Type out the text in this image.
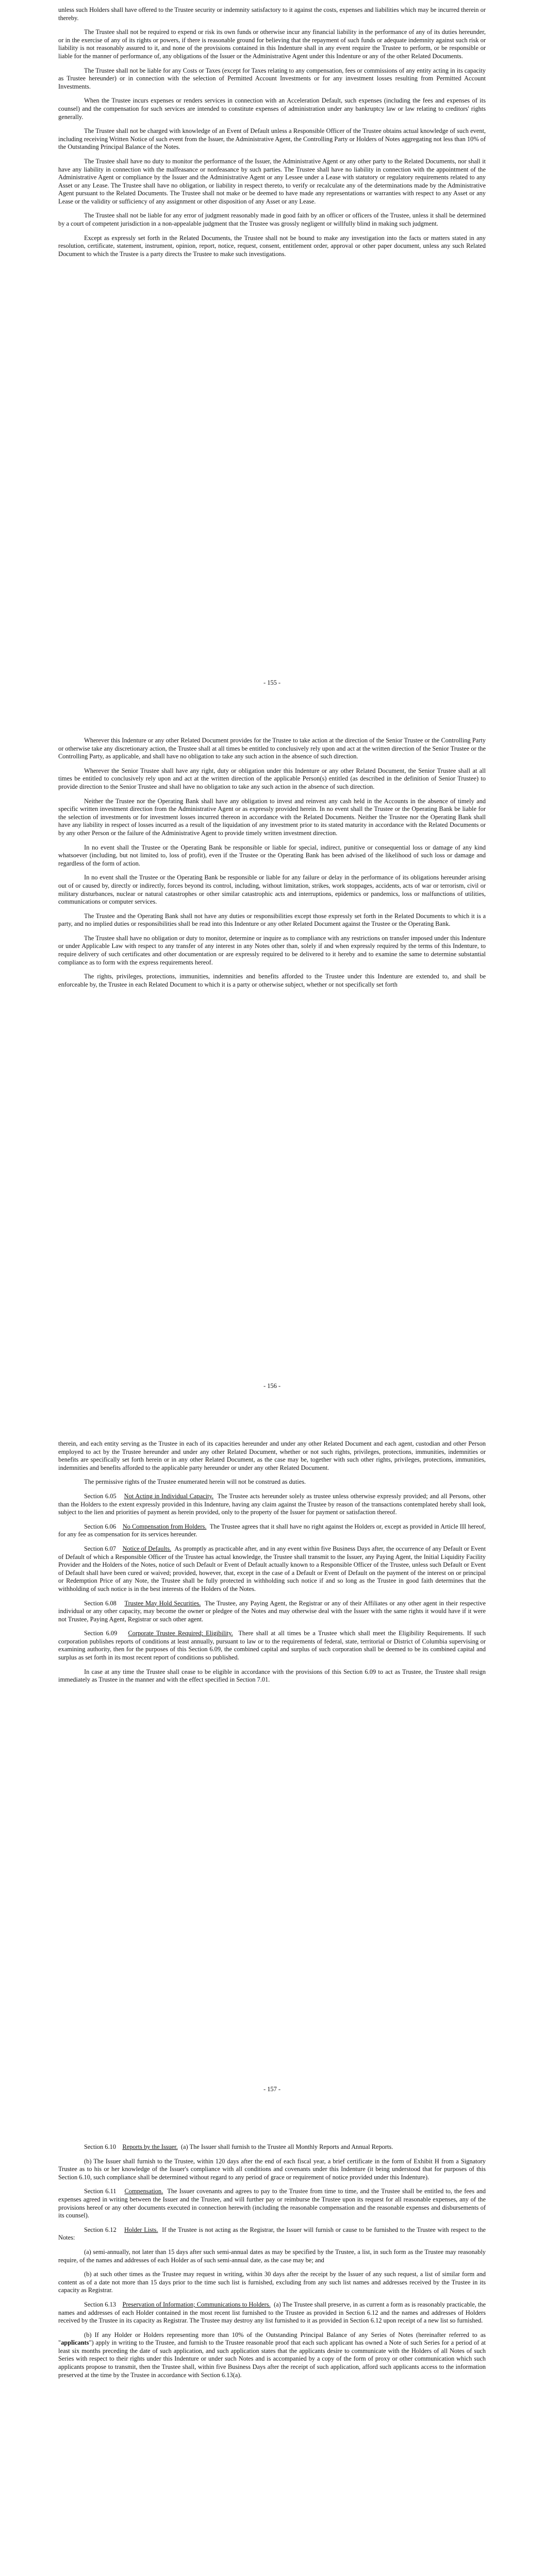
unless such Holders shall have offered to the Trustee security or indemnity satisfactory to it against the costs, expenses and liabilities which may be incurred therein or thereby.

The Trustee shall not be required to expend or risk its own funds or otherwise incur any financial liability in the performance of any of its duties hereunder, or in the exercise of any of its rights or powers, if there is reasonable ground for believing that the repayment of such funds or adequate indemnity against such risk or liability is not reasonably assured to it, and none of the provisions contained in this Indenture shall in any event require the Trustee to perform, or be responsible or liable for the manner of performance of, any obligations of the Issuer or the Administrative Agent under this Indenture or any of the other Related Documents.

The Trustee shall not be liable for any Costs or Taxes (except for Taxes relating to any compensation, fees or commissions of any entity acting in its capacity as Trustee hereunder) or in connection with the selection of Permitted Account Investments or for any investment losses resulting from Permitted Account Investments.

When the Trustee incurs expenses or renders services in connection with an Acceleration Default, such expenses (including the fees and expenses of its counsel) and the compensation for such services are intended to constitute expenses of administration under any bankruptcy law or law relating to creditors' rights generally.

The Trustee shall not be charged with knowledge of an Event of Default unless a Responsible Officer of the Trustee obtains actual knowledge of such event, including receiving Written Notice of such event from the Issuer, the Administrative Agent, the Controlling Party or Holders of Notes aggregating not less than 10% of the Outstanding Principal Balance of the Notes.

The Trustee shall have no duty to monitor the performance of the Issuer, the Administrative Agent or any other party to the Related Documents, nor shall it have any liability in connection with the malfeasance or nonfeasance by such parties. The Trustee shall have no liability in connection with the appointment of the Administrative Agent or compliance by the Issuer and the Administrative Agent or any Lessee under a Lease with statutory or regulatory requirements related to any Asset or any Lease. The Trustee shall have no obligation, or liability in respect thereto, to verify or recalculate any of the determinations made by the Administrative Agent pursuant to the Related Documents. The Trustee shall not make or be deemed to have made any representations or warranties with respect to any Asset or any Lease or the validity or sufficiency of any assignment or other disposition of any Asset or any Lease.

The Trustee shall not be liable for any error of judgment reasonably made in good faith by an officer or officers of the Trustee, unless it shall be determined by a court of competent jurisdiction in a non-appealable judgment that the Trustee was grossly negligent or willfully blind in making such judgment.

Except as expressly set forth in the Related Documents, the Trustee shall not be bound to make any investigation into the facts or matters stated in any resolution, certificate, statement, instrument, opinion, report, notice, request, consent, entitlement order, approval or other paper document, unless any such Related Document to which the Trustee is a party directs the Trustee to make such investigations.

- 155 -

Wherever this Indenture or any other Related Document provides for the Trustee to take action at the direction of the Senior Trustee or the Controlling Party or otherwise take any discretionary action, the Trustee shall at all times be entitled to conclusively rely upon and act at the written direction of the Senior Trustee or the Controlling Party, as applicable, and shall have no obligation to take any such action in the absence of such direction.

Wherever the Senior Trustee shall have any right, duty or obligation under this Indenture or any other Related Document, the Senior Trustee shall at all times be entitled to conclusively rely upon and act at the written direction of the applicable Person(s) entitled (as described in the definition of Senior Trustee) to provide direction to the Senior Trustee and shall have no obligation to take any such action in the absence of such direction.

Neither the Trustee nor the Operating Bank shall have any obligation to invest and reinvest any cash held in the Accounts in the absence of timely and specific written investment direction from the Administrative Agent or as expressly provided herein. In no event shall the Trustee or the Operating Bank be liable for the selection of investments or for investment losses incurred thereon in accordance with the Related Documents. Neither the Trustee nor the Operating Bank shall have any liability in respect of losses incurred as a result of the liquidation of any investment prior to its stated maturity in accordance with the Related Documents or by any other Person or the failure of the Administrative Agent to provide timely written investment direction.

In no event shall the Trustee or the Operating Bank be responsible or liable for special, indirect, punitive or consequential loss or damage of any kind whatsoever (including, but not limited to, loss of profit), even if the Trustee or the Operating Bank has been advised of the likelihood of such loss or damage and regardless of the form of action.

In no event shall the Trustee or the Operating Bank be responsible or liable for any failure or delay in the performance of its obligations hereunder arising out of or caused by, directly or indirectly, forces beyond its control, including, without limitation, strikes, work stoppages, accidents, acts of war or terrorism, civil or military disturbances, nuclear or natural catastrophes or other similar catastrophic acts and interruptions, epidemics or pandemics, loss or malfunctions of utilities, communications or computer services.

The Trustee and the Operating Bank shall not have any duties or responsibilities except those expressly set forth in the Related Documents to which it is a party, and no implied duties or responsibilities shall be read into this Indenture or any other Related Document against the Trustee or the Operating Bank.

The Trustee shall have no obligation or duty to monitor, determine or inquire as to compliance with any restrictions on transfer imposed under this Indenture or under Applicable Law with respect to any transfer of any interest in any Notes other than, solely if and when expressly required by the terms of this Indenture, to require delivery of such certificates and other documentation or are expressly required to be delivered to it hereby and to examine the same to determine substantial compliance as to form with the express requirements hereof.

The rights, privileges, protections, immunities, indemnities and benefits afforded to the Trustee under this Indenture are extended to, and shall be enforceable by, the Trustee in each Related Document to which it is a party or otherwise subject, whether or not specifically set forth

- 156 -

therein, and each entity serving as the Trustee in each of its capacities hereunder and under any other Related Document and each agent, custodian and other Person employed to act by the Trustee hereunder and under any other Related Document, whether or not such rights, privileges, protections, immunities, indemnities or benefits are specifically set forth herein or in any other Related Document, as the case may be, together with such other rights, privileges, protections, immunities, indemnities and benefits afforded to the applicable party hereunder or under any other Related Document.

The permissive rights of the Trustee enumerated herein will not be construed as duties.

Section 6.05 Not Acting in Individual Capacity. The Trustee acts hereunder solely as trustee unless otherwise expressly provided; and all Persons, other than the Holders to the extent expressly provided in this Indenture, having any claim against the Trustee by reason of the transactions contemplated hereby shall look, subject to the lien and priorities of payment as herein provided, only to the property of the Issuer for payment or satisfaction thereof.

Section 6.06 No Compensation from Holders. The Trustee agrees that it shall have no right against the Holders or, except as provided in Article III hereof, for any fee as compensation for its services hereunder.

Section 6.07 Notice of Defaults. As promptly as practicable after, and in any event within five Business Days after, the occurrence of any Default or Event of Default of which a Responsible Officer of the Trustee has actual knowledge, the Trustee shall transmit to the Issuer, any Paying Agent, the Initial Liquidity Facility Provider and the Holders of the Notes, notice of such Default or Event of Default actually known to a Responsible Officer of the Trustee, unless such Default or Event of Default shall have been cured or waived; provided, however, that, except in the case of a Default or Event of Default on the payment of the interest on or principal or Redemption Price of any Note, the Trustee shall be fully protected in withholding such notice if and so long as the Trustee in good faith determines that the withholding of such notice is in the best interests of the Holders of the Notes.

Section 6.08 Trustee May Hold Securities. The Trustee, any Paying Agent, the Registrar or any of their Affiliates or any other agent in their respective individual or any other capacity, may become the owner or pledgee of the Notes and may otherwise deal with the Issuer with the same rights it would have if it were not Trustee, Paying Agent, Registrar or such other agent.

Section 6.09 Corporate Trustee Required; Eligibility. There shall at all times be a Trustee which shall meet the Eligibility Requirements. If such corporation publishes reports of conditions at least annually, pursuant to law or to the requirements of federal, state, territorial or District of Columbia supervising or examining authority, then for the purposes of this Section 6.09, the combined capital and surplus of such corporation shall be deemed to be its combined capital and surplus as set forth in its most recent report of conditions so published.

In case at any time the Trustee shall cease to be eligible in accordance with the provisions of this Section 6.09 to act as Trustee, the Trustee shall resign immediately as Trustee in the manner and with the effect specified in Section 7.01.

- 157 -

Section 6.10 Reports by the Issuer. (a) The Issuer shall furnish to the Trustee all Monthly Reports and Annual Reports.

(b) The Issuer shall furnish to the Trustee, within 120 days after the end of each fiscal year, a brief certificate in the form of Exhibit H from a Signatory Trustee as to his or her knowledge of the Issuer's compliance with all conditions and covenants under this Indenture (it being understood that for purposes of this Section 6.10, such compliance shall be determined without regard to any period of grace or requirement of notice provided under this Indenture).

Section 6.11 Compensation. The Issuer covenants and agrees to pay to the Trustee from time to time, and the Trustee shall be entitled to, the fees and expenses agreed in writing between the Issuer and the Trustee, and will further pay or reimburse the Trustee upon its request for all reasonable expenses, any of the provisions hereof or any other documents executed in connection herewith (including the reasonable compensation and the reasonable expenses and disbursements of its counsel).

Section 6.12 Holder Lists. If the Trustee is not acting as the Registrar, the Issuer will furnish or cause to be furnished to the Trustee with respect to the Notes:

(a) semi-annually, not later than 15 days after such semi-annual dates as may be specified by the Trustee, a list, in such form as the Trustee may reasonably require, of the names and addresses of each Holder as of such semi-annual date, as the case may be; and

(b) at such other times as the Trustee may request in writing, within 30 days after the receipt by the Issuer of any such request, a list of similar form and content as of a date not more than 15 days prior to the time such list is furnished, excluding from any such list names and addresses received by the Trustee in its capacity as Registrar.

Section 6.13 Preservation of Information; Communications to Holders. (a) The Trustee shall preserve, in as current a form as is reasonably practicable, the names and addresses of each Holder contained in the most recent list furnished to the Trustee as provided in Section 6.12 and the names and addresses of Holders received by the Trustee in its capacity as Registrar. The Trustee may destroy any list furnished to it as provided in Section 6.12 upon receipt of a new list so furnished.

(b) If any Holder or Holders representing more than 10% of the Outstanding Principal Balance of any Series of Notes (hereinafter referred to as "applicants") apply in writing to the Trustee, and furnish to the Trustee reasonable proof that each such applicant has owned a Note of such Series for a period of at least six months preceding the date of such application, and such application states that the applicants desire to communicate with the Holders of all Notes of such Series with respect to their rights under this Indenture or under such Notes and is accompanied by a copy of the form of proxy or other communication which such applicants propose to transmit, then the Trustee shall, within five Business Days after the receipt of such application, afford such applicants access to the information preserved at the time by the Trustee in accordance with Section 6.13(a).
